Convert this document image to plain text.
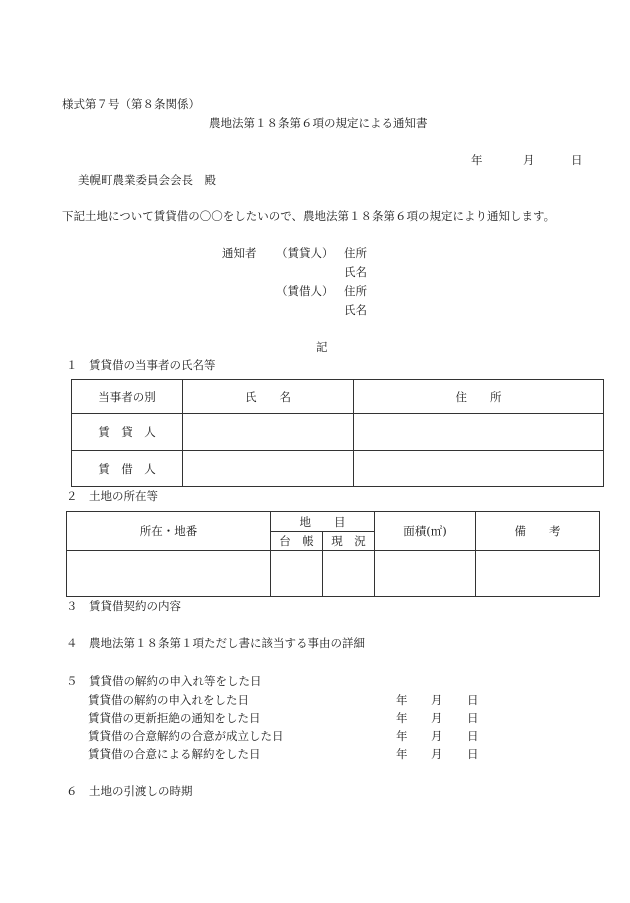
様式第７号（第８条関係）
農地法第１８条第６項の規定による通知書
年	月	日
美幌町農業委員会会長　殿
下記土地について賃貸借の〇〇をしたいので、農地法第１８条第６項の規定により通知します。
通知者 （賃貸人） 住所
氏名
（賃借人） 住所
氏名
記
１　賃貸借の当事者の氏名等
当事者の別	氏　　名	住　　所
賃　貸　人		
賃　借　人		
２　土地の所在等
所在・地番	地　　目		面積(㎡)	備　　考
	台　帳	現　況		

３　賃貸借契約の内容
４　農地法第１８条第１項ただし書に該当する事由の詳細
５　賃貸借の解約の申入れ等をした日
賃貸借の解約の申入れをした日	年 月 日
賃貸借の更新拒絶の通知をした日	年 月 日
賃貸借の合意解約の合意が成立した日	年 月 日
賃貸借の合意による解約をした日	年 月 日
６　土地の引渡しの時期
